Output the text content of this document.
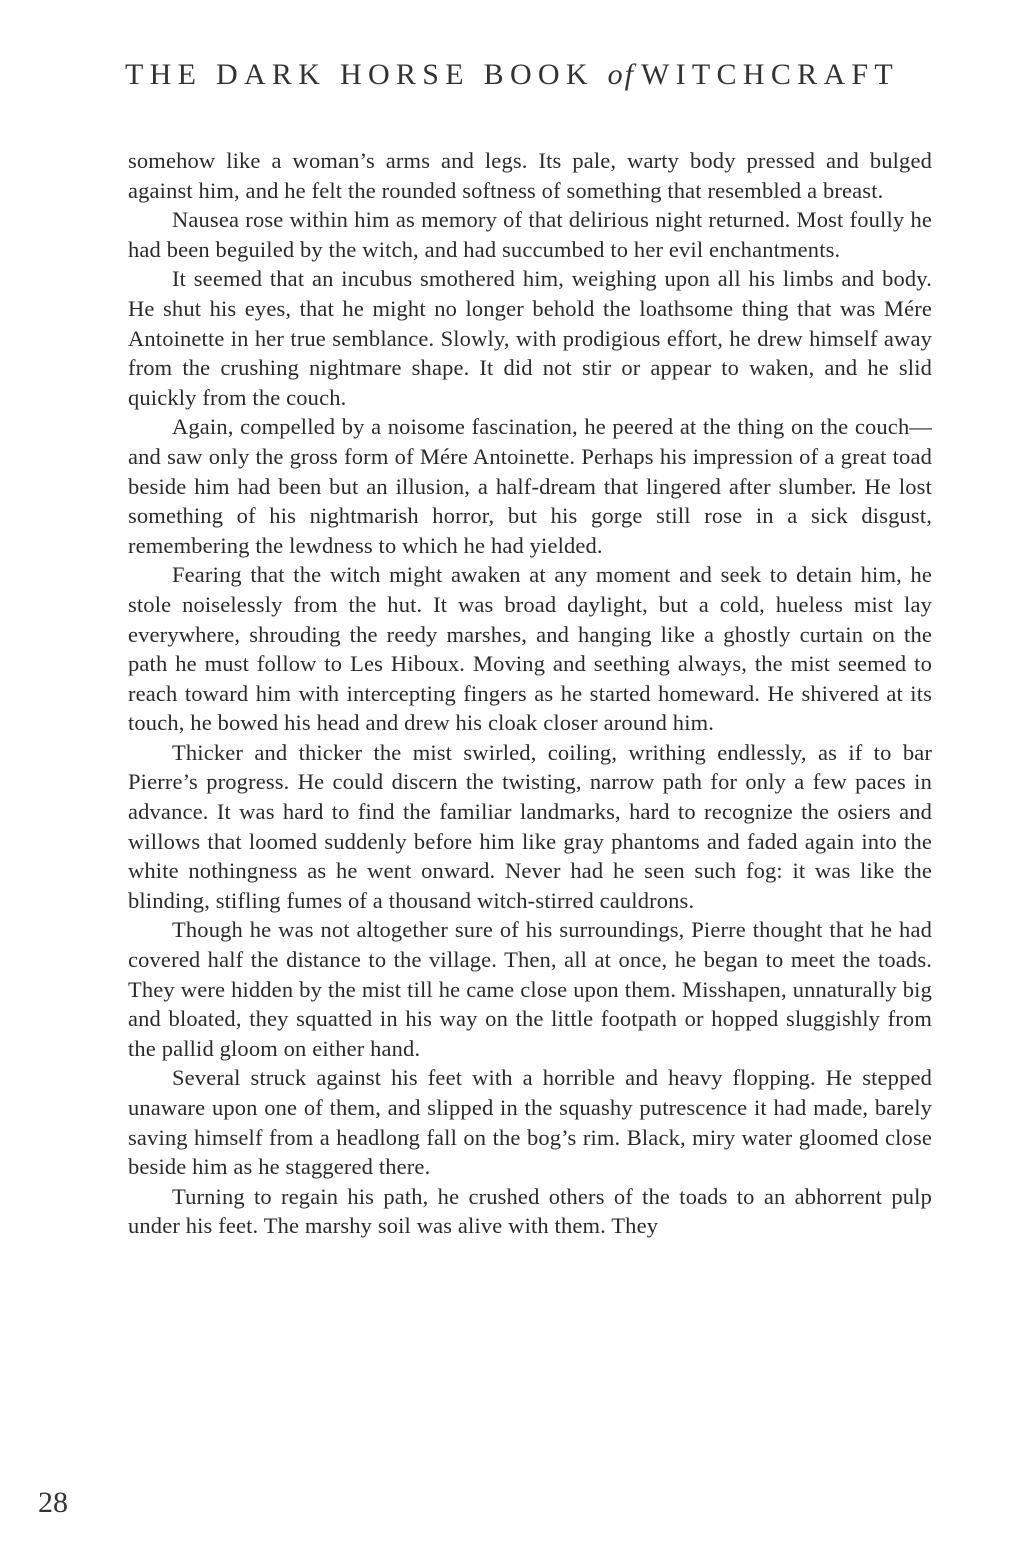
THE DARK HORSE BOOK of WITCHCRAFT

somehow like a woman’s arms and legs. Its pale, warty body pressed and bulged against him, and he felt the rounded softness of something that resembled a breast.

Nausea rose within him as memory of that delirious night returned. Most foully he had been beguiled by the witch, and had succumbed to her evil enchantments.

It seemed that an incubus smothered him, weighing upon all his limbs and body. He shut his eyes, that he might no longer behold the loathsome thing that was Mére Antoinette in her true semblance. Slowly, with prodigious effort, he drew himself away from the crushing nightmare shape. It did not stir or appear to waken, and he slid quickly from the couch.

Again, compelled by a noisome fascination, he peered at the thing on the couch—and saw only the gross form of Mére Antoinette. Perhaps his impression of a great toad beside him had been but an illusion, a half-dream that lingered after slumber. He lost something of his nightmarish horror, but his gorge still rose in a sick disgust, remembering the lewdness to which he had yielded.

Fearing that the witch might awaken at any moment and seek to detain him, he stole noiselessly from the hut. It was broad daylight, but a cold, hueless mist lay everywhere, shrouding the reedy marshes, and hanging like a ghostly curtain on the path he must follow to Les Hiboux. Moving and seething always, the mist seemed to reach toward him with intercepting fingers as he started homeward. He shivered at its touch, he bowed his head and drew his cloak closer around him.

Thicker and thicker the mist swirled, coiling, writhing endlessly, as if to bar Pierre’s progress. He could discern the twisting, narrow path for only a few paces in advance. It was hard to find the familiar landmarks, hard to recognize the osiers and willows that loomed suddenly before him like gray phantoms and faded again into the white nothingness as he went onward. Never had he seen such fog: it was like the blinding, stifling fumes of a thousand witch-stirred cauldrons.

Though he was not altogether sure of his surroundings, Pierre thought that he had covered half the distance to the village. Then, all at once, he began to meet the toads. They were hidden by the mist till he came close upon them. Misshapen, unnaturally big and bloated, they squatted in his way on the little footpath or hopped sluggishly from the pallid gloom on either hand.

Several struck against his feet with a horrible and heavy flopping. He stepped unaware upon one of them, and slipped in the squashy putrescence it had made, barely saving himself from a headlong fall on the bog’s rim. Black, miry water gloomed close beside him as he staggered there.

Turning to regain his path, he crushed others of the toads to an abhorrent pulp under his feet. The marshy soil was alive with them. They

28
